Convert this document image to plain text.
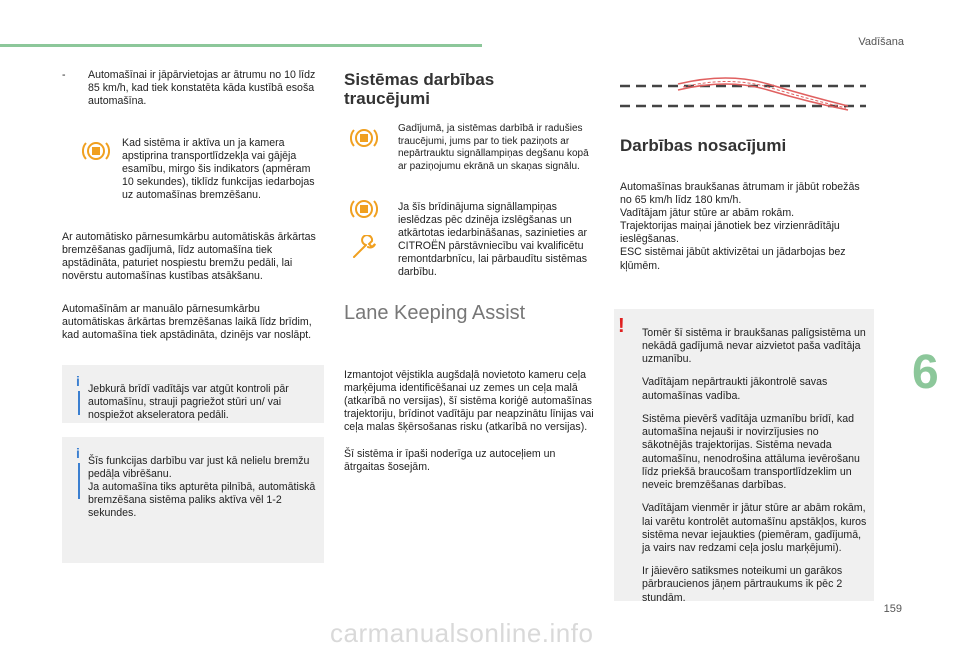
Vadīšana
- Automašīnai ir jāpārvietojas ar ātrumu no 10 līdz 85 km/h, kad tiek konstatēta kāda kustībā esoša automašīna.

Kad sistēma ir aktīva un ja kamera apstiprina transportlīdzekļa vai gājēja esamību, mirgo šis indikators (apmēram 10 sekundes), tiklīdz funkcijas iedarbojas uz automašīnas bremzēšanu.

Ar automātisko pārnesumkārbu automātiskās ārkārtas bremzēšanas gadījumā, līdz automašīna tiek apstādināta, paturiet nospiestu bremžu pedāli, lai novērstu automašīnas kustības atsākšanu.

Automašīnām ar manuālo pārnesumkārbu automātiskas ārkārtas bremzēšanas laikā līdz brīdim, kad automašīna tiek apstādināta, dzinējs var noslāpt.

i Jebkurā brīdī vadītājs var atgūt kontroli pār automašīnu, strauji pagriežot stūri un/ vai nospiežot akseleratora pedāli.

i Šīs funkcijas darbību var just kā nelielu bremžu pedāļa vibrēšanu.

Ja automašīna tiks apturēta pilnībā, automātiskā bremzēšana sistēma paliks aktīva vēl 1-2 sekundes.

Sistēmas darbības
traucējumi

Gadījumā, ja sistēmas darbībā ir radušies traucējumi, jums par to tiek paziņots ar nepārtrauktu signāllampiņas degšanu kopā ar paziņojumu ekrānā un skaņas signālu.

Ja šīs brīdinājuma signāllampiņas ieslēdzas pēc dzinēja izslēgšanas un atkārtotas iedarbināšanas, sazinieties ar CITROËN pārstāvniecību vai kvalificētu remontdarbnīcu, lai pārbaudītu sistēmas darbību.

Lane Keeping Assist

Izmantojot vējstikla augšdaļā novietoto kameru ceļa marķējuma identificēšanai uz zemes un ceļa malā (atkarībā no versijas), šī sistēma koriģē automašīnas trajektoriju, brīdinot vadītāju par neapzinātu līnijas vai ceļa malas šķērsošanas risku (atkarībā no versijas).

Šī sistēma ir īpaši noderīga uz autoceļiem un ātrgaitas šosejām.

Darbības nosacījumi

Automašīnas braukšanas ātrumam ir jābūt robežās no 65 km/h līdz 180 km/h.

Vadītājam jātur stūre ar abām rokām.

Trajektorijas maiņai jānotiek bez virzienrādītāju ieslēgšanas.

ESC sistēmai jābūt aktivizētai un jādarbojas bez kļūmēm.

! Tomēr šī sistēma ir braukšanas palīgsistēma un nekādā gadījumā nevar aizvietot paša vadītāja uzmanību.

Vadītājam nepārtraukti jākontrolē savas automašīnas vadība.

Sistēma pievērš vadītāja uzmanību brīdī, kad automašīna nejauši ir novirzījusies no sākotnējās trajektorijas. Sistēma nevada automašīnu, nenodrošina attāluma ievērošanu līdz priekšā braucošam transportlīdzeklim un neveic bremzēšanas darbības.

Vadītājam vienmēr ir jātur stūre ar abām rokām, lai varētu kontrolēt automašīnu apstākļos, kuros sistēma nevar iejaukties (piemēram, gadījumā, ja vairs nav redzami ceļa joslu marķējumi).

Ir jāievēro satiksmes noteikumi un garākos pārbraucienos jāņem pārtraukums ik pēc 2 stundām.

6
159
carmanualsonline.info
